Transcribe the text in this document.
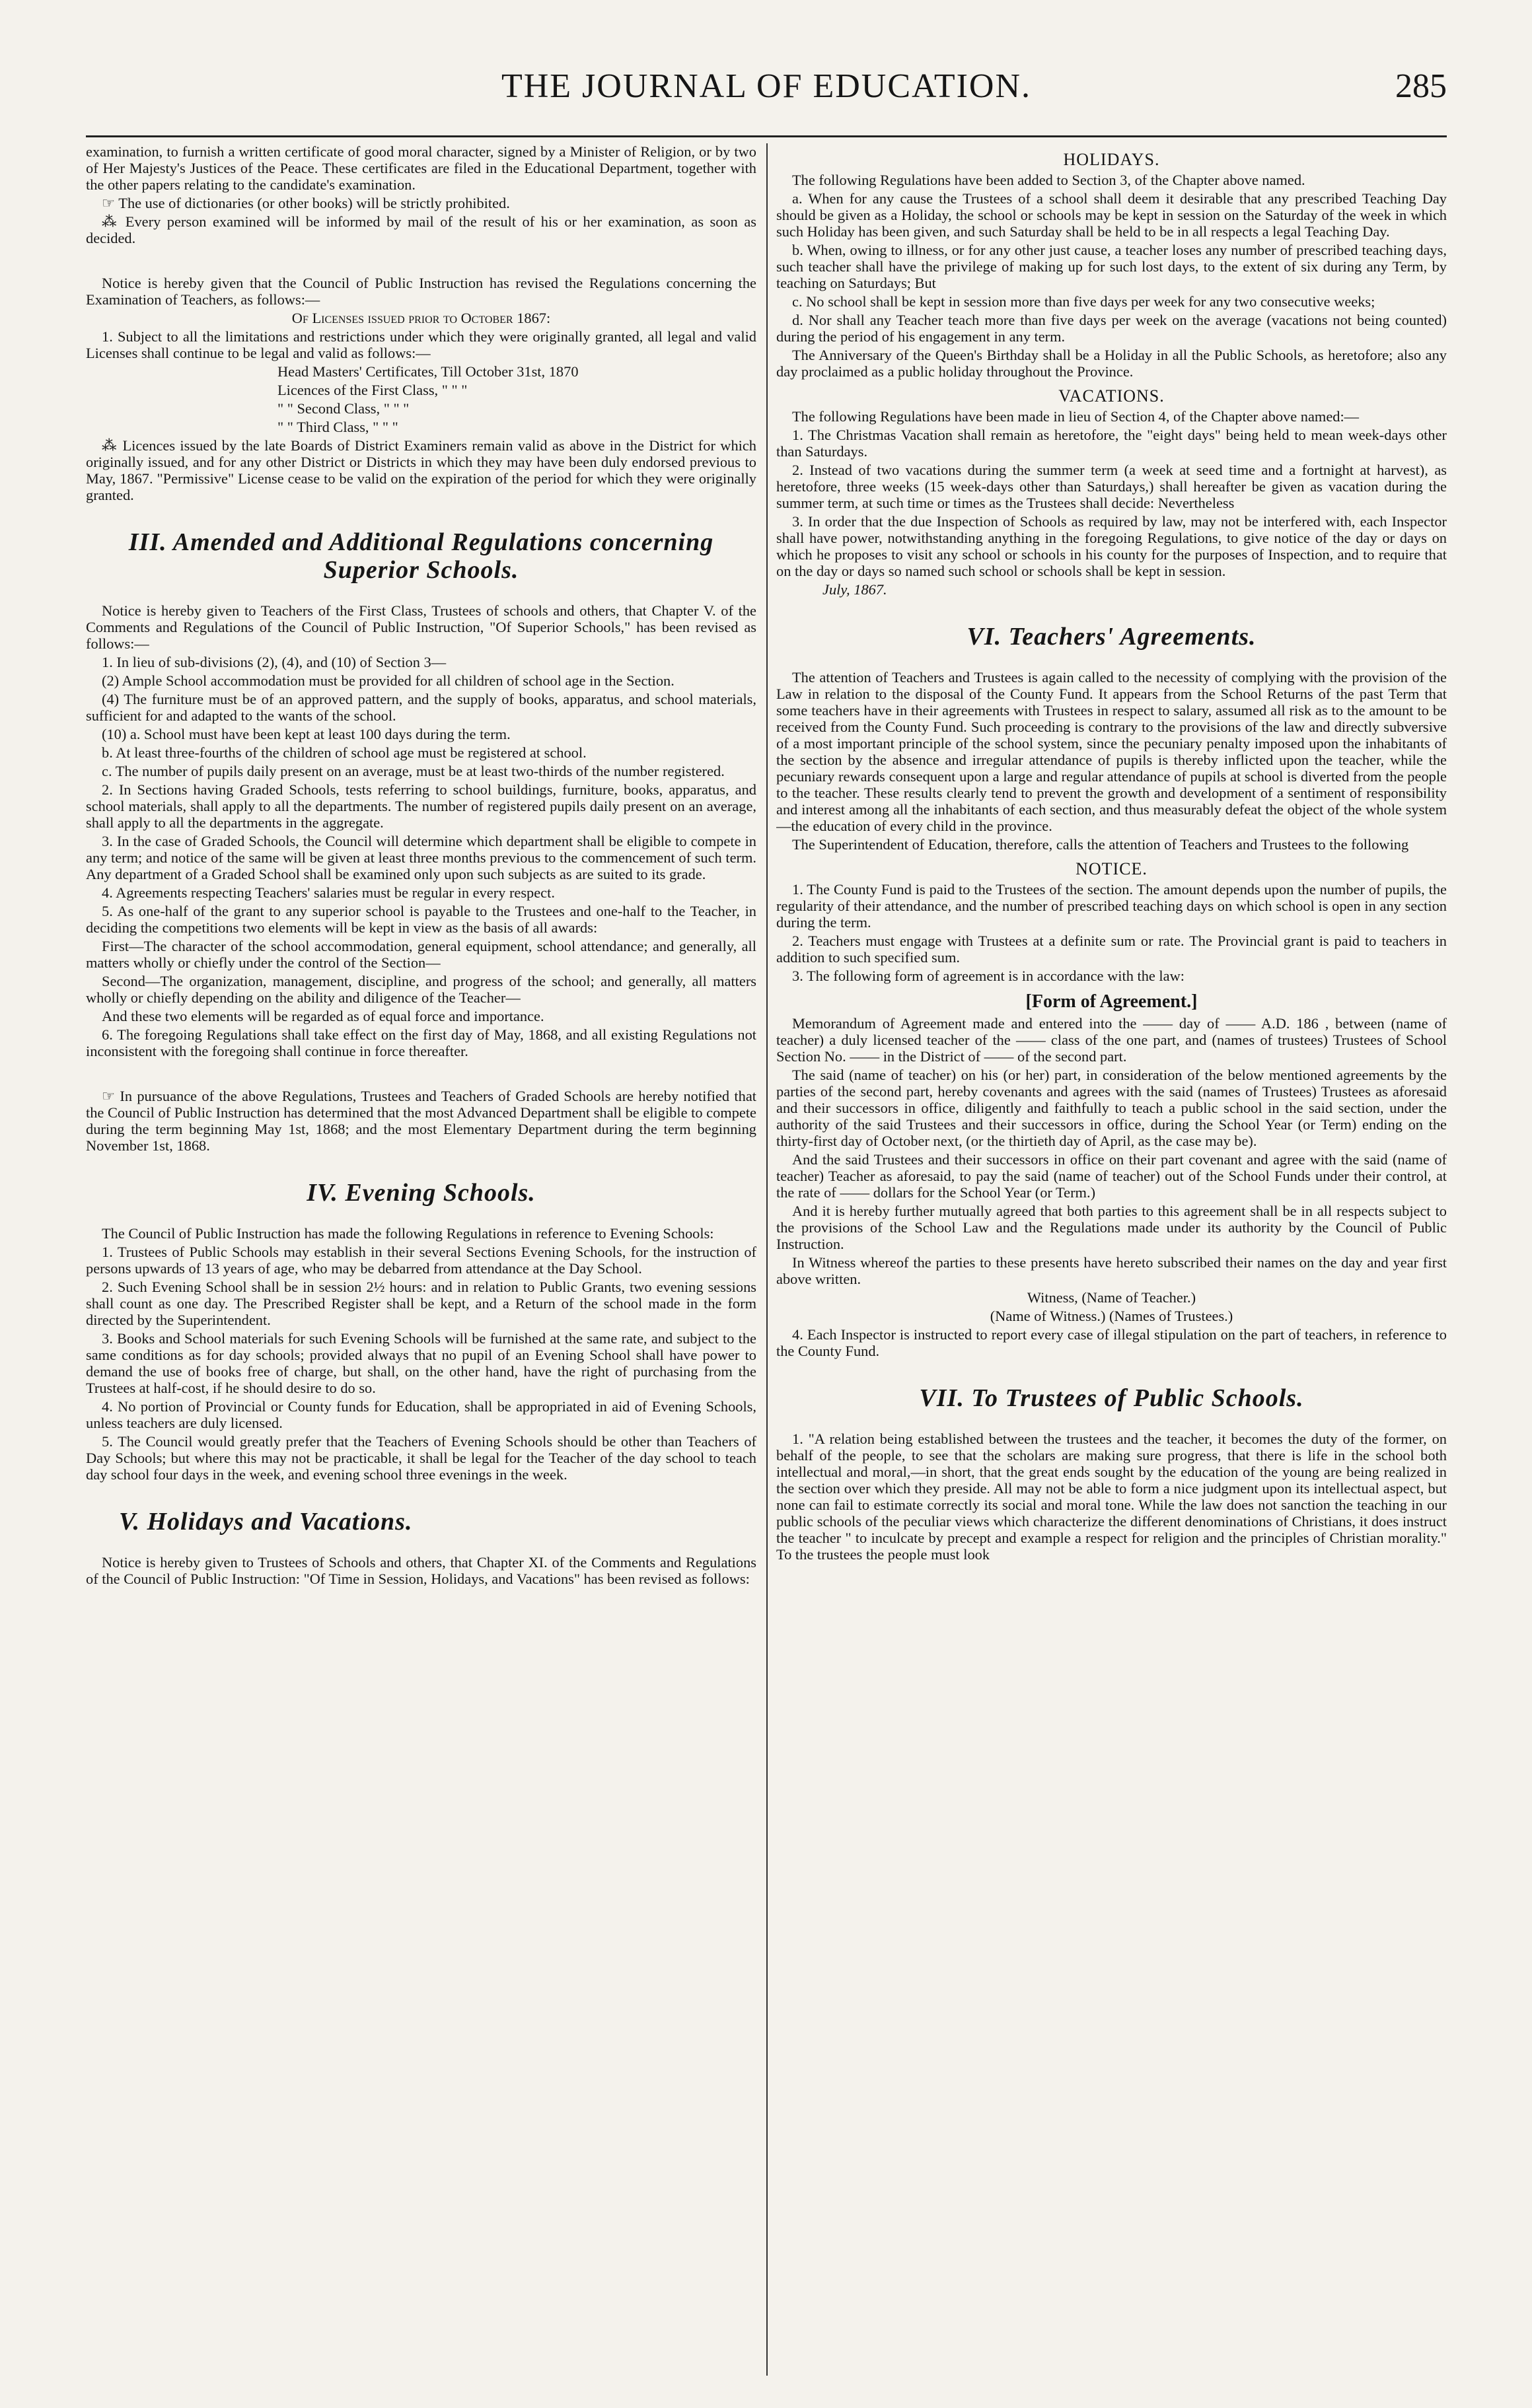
THE JOURNAL OF EDUCATION.	285

examination, to furnish a written certificate of good moral character, signed by a Minister of Religion, or by two of Her Majesty's Justices of the Peace. These certificates are filed in the Educational Department, together with the other papers relating to the candidate's examination.

☞ The use of dictionaries (or other books) will be strictly prohibited.

⁂ Every person examined will be informed by mail of the result of his or her examination, as soon as decided.

Notice is hereby given that the Council of Public Instruction has revised the Regulations concerning the Examination of Teachers, as follows:—

Of Licenses issued prior to October 1867:

1. Subject to all the limitations and restrictions under which they were originally granted, all legal and valid Licenses shall continue to be legal and valid as follows:—

Head Masters' Certificates, Till October 31st, 1870

Licences of the First Class, " " "

" " Second Class, " " "

" " Third Class, " " "

⁂ Licences issued by the late Boards of District Examiners remain valid as above in the District for which originally issued, and for any other District or Districts in which they may have been duly endorsed previous to May, 1867. "Permissive" License cease to be valid on the expiration of the period for which they were originally granted.

III. Amended and Additional Regulations concerning Superior Schools.

Notice is hereby given to Teachers of the First Class, Trustees of schools and others, that Chapter V. of the Comments and Regulations of the Council of Public Instruction, "Of Superior Schools," has been revised as follows:—

1. In lieu of sub-divisions (2), (4), and (10) of Section 3—

(2) Ample School accommodation must be provided for all children of school age in the Section.

(4) The furniture must be of an approved pattern, and the supply of books, apparatus, and school materials, sufficient for and adapted to the wants of the school.

(10) a. School must have been kept at least 100 days during the term.

b. At least three-fourths of the children of school age must be registered at school.

c. The number of pupils daily present on an average, must be at least two-thirds of the number registered.

2. In Sections having Graded Schools, tests referring to school buildings, furniture, books, apparatus, and school materials, shall apply to all the departments. The number of registered pupils daily present on an average, shall apply to all the departments in the aggregate.

3. In the case of Graded Schools, the Council will determine which department shall be eligible to compete in any term; and notice of the same will be given at least three months previous to the commencement of such term. Any department of a Graded School shall be examined only upon such subjects as are suited to its grade.

4. Agreements respecting Teachers' salaries must be regular in every respect.

5. As one-half of the grant to any superior school is payable to the Trustees and one-half to the Teacher, in deciding the competitions two elements will be kept in view as the basis of all awards:

First—The character of the school accommodation, general equipment, school attendance; and generally, all matters wholly or chiefly under the control of the Section—

Second—The organization, management, discipline, and progress of the school; and generally, all matters wholly or chiefly depending on the ability and diligence of the Teacher—

And these two elements will be regarded as of equal force and importance.

6. The foregoing Regulations shall take effect on the first day of May, 1868, and all existing Regulations not inconsistent with the foregoing shall continue in force thereafter.

☞ In pursuance of the above Regulations, Trustees and Teachers of Graded Schools are hereby notified that the Council of Public Instruction has determined that the most Advanced Department shall be eligible to compete during the term beginning May 1st, 1868; and the most Elementary Department during the term beginning November 1st, 1868.

IV. Evening Schools.

The Council of Public Instruction has made the following Regulations in reference to Evening Schools:

1. Trustees of Public Schools may establish in their several Sections Evening Schools, for the instruction of persons upwards of 13 years of age, who may be debarred from attendance at the Day School.

2. Such Evening School shall be in session 2½ hours: and in relation to Public Grants, two evening sessions shall count as one day. The Prescribed Register shall be kept, and a Return of the school made in the form directed by the Superintendent.

3. Books and School materials for such Evening Schools will be furnished at the same rate, and subject to the same conditions as for day schools; provided always that no pupil of an Evening School shall have power to demand the use of books free of charge, but shall, on the other hand, have the right of purchasing from the Trustees at half-cost, if he should desire to do so.

4. No portion of Provincial or County funds for Education, shall be appropriated in aid of Evening Schools, unless teachers are duly licensed.

5. The Council would greatly prefer that the Teachers of Evening Schools should be other than Teachers of Day Schools; but where this may not be practicable, it shall be legal for the Teacher of the day school to teach day school four days in the week, and evening school three evenings in the week.

V. Holidays and Vacations.

Notice is hereby given to Trustees of Schools and others, that Chapter XI. of the Comments and Regulations of the Council of Public Instruction: "Of Time in Session, Holidays, and Vacations" has been revised as follows:

HOLIDAYS.

The following Regulations have been added to Section 3, of the Chapter above named.

a. When for any cause the Trustees of a school shall deem it desirable that any prescribed Teaching Day should be given as a Holiday, the school or schools may be kept in session on the Saturday of the week in which such Holiday has been given, and such Saturday shall be held to be in all respects a legal Teaching Day.

b. When, owing to illness, or for any other just cause, a teacher loses any number of prescribed teaching days, such teacher shall have the privilege of making up for such lost days, to the extent of six during any Term, by teaching on Saturdays; But

c. No school shall be kept in session more than five days per week for any two consecutive weeks;

d. Nor shall any Teacher teach more than five days per week on the average (vacations not being counted) during the period of his engagement in any term.

The Anniversary of the Queen's Birthday shall be a Holiday in all the Public Schools, as heretofore; also any day proclaimed as a public holiday throughout the Province.

VACATIONS.

The following Regulations have been made in lieu of Section 4, of the Chapter above named:—

1. The Christmas Vacation shall remain as heretofore, the "eight days" being held to mean week-days other than Saturdays.

2. Instead of two vacations during the summer term (a week at seed time and a fortnight at harvest), as heretofore, three weeks (15 week-days other than Saturdays,) shall hereafter be given as vacation during the summer term, at such time or times as the Trustees shall decide: Nevertheless

3. In order that the due Inspection of Schools as required by law, may not be interfered with, each Inspector shall have power, notwithstanding anything in the foregoing Regulations, to give notice of the day or days on which he proposes to visit any school or schools in his county for the purposes of Inspection, and to require that on the day or days so named such school or schools shall be kept in session.

July, 1867.

VI. Teachers' Agreements.

The attention of Teachers and Trustees is again called to the necessity of complying with the provision of the Law in relation to the disposal of the County Fund. It appears from the School Returns of the past Term that some teachers have in their agreements with Trustees in respect to salary, assumed all risk as to the amount to be received from the County Fund. Such proceeding is contrary to the provisions of the law and directly subversive of a most important principle of the school system, since the pecuniary penalty imposed upon the inhabitants of the section by the absence and irregular attendance of pupils is thereby inflicted upon the teacher, while the pecuniary rewards consequent upon a large and regular attendance of pupils at school is diverted from the people to the teacher. These results clearly tend to prevent the growth and development of a sentiment of responsibility and interest among all the inhabitants of each section, and thus measurably defeat the object of the whole system—the education of every child in the province.

The Superintendent of Education, therefore, calls the attention of Teachers and Trustees to the following

NOTICE.

1. The County Fund is paid to the Trustees of the section. The amount depends upon the number of pupils, the regularity of their attendance, and the number of prescribed teaching days on which school is open in any section during the term.

2. Teachers must engage with Trustees at a definite sum or rate. The Provincial grant is paid to teachers in addition to such specified sum.

3. The following form of agreement is in accordance with the law:

[Form of Agreement.]

Memorandum of Agreement made and entered into the —— day of —— A.D. 186 , between (name of teacher) a duly licensed teacher of the —— class of the one part, and (names of trustees) Trustees of School Section No. —— in the District of —— of the second part.

The said (name of teacher) on his (or her) part, in consideration of the below mentioned agreements by the parties of the second part, hereby covenants and agrees with the said (names of Trustees) Trustees as aforesaid and their successors in office, diligently and faithfully to teach a public school in the said section, under the authority of the said Trustees and their successors in office, during the School Year (or Term) ending on the thirty-first day of October next, (or the thirtieth day of April, as the case may be).

And the said Trustees and their successors in office on their part covenant and agree with the said (name of teacher) Teacher as aforesaid, to pay the said (name of teacher) out of the School Funds under their control, at the rate of —— dollars for the School Year (or Term.)

And it is hereby further mutually agreed that both parties to this agreement shall be in all respects subject to the provisions of the School Law and the Regulations made under its authority by the Council of Public Instruction.

In Witness whereof the parties to these presents have hereto subscribed their names on the day and year first above written.

Witness, (Name of Teacher.)

(Name of Witness.) (Names of Trustees.)

4. Each Inspector is instructed to report every case of illegal stipulation on the part of teachers, in reference to the County Fund.

VII. To Trustees of Public Schools.

1. "A relation being established between the trustees and the teacher, it becomes the duty of the former, on behalf of the people, to see that the scholars are making sure progress, that there is life in the school both intellectual and moral,—in short, that the great ends sought by the education of the young are being realized in the section over which they preside. All may not be able to form a nice judgment upon its intellectual aspect, but none can fail to estimate correctly its social and moral tone. While the law does not sanction the teaching in our public schools of the peculiar views which characterize the different denominations of Christians, it does instruct the teacher " to inculcate by precept and example a respect for religion and the principles of Christian morality." To the trustees the people must look
